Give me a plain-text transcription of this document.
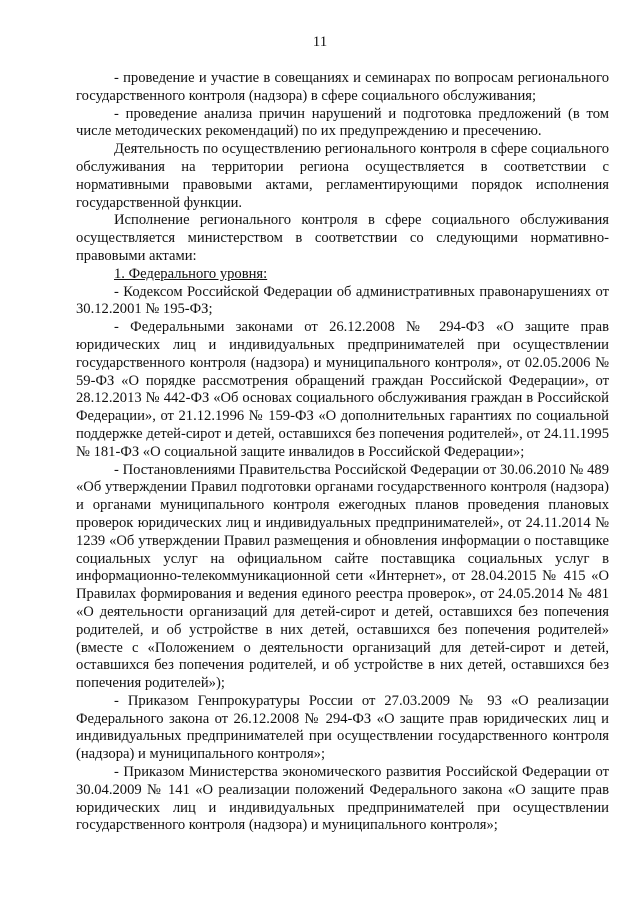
11

- проведение и участие в совещаниях и семинарах по вопросам регионального государственного контроля (надзора) в сфере социального обслуживания;

- проведение анализа причин нарушений и подготовка предложений (в том числе методических рекомендаций) по их предупреждению и пресечению.

Деятельность по осуществлению регионального контроля в сфере социального обслуживания на территории региона осуществляется в соответствии с нормативными правовыми актами, регламентирующими порядок исполнения государственной функции.

Исполнение регионального контроля в сфере социального обслуживания осуществляется министерством в соответствии со следующими нормативно-правовыми актами:

1. Федерального уровня:

- Кодексом Российской Федерации об административных правонарушениях от 30.12.2001 № 195-ФЗ;

- Федеральными законами от 26.12.2008 № 294-ФЗ «О защите прав юридических лиц и индивидуальных предпринимателей при осуществлении государственного контроля (надзора) и муниципального контроля», от 02.05.2006 № 59-ФЗ «О порядке рассмотрения обращений граждан Российской Федерации», от 28.12.2013 № 442-ФЗ «Об основах социального обслуживания граждан в Российской Федерации», от 21.12.1996 № 159-ФЗ «О дополнительных гарантиях по социальной поддержке детей-сирот и детей, оставшихся без попечения родителей», от 24.11.1995 № 181-ФЗ «О социальной защите инвалидов в Российской Федерации»;

- Постановлениями Правительства Российской Федерации от 30.06.2010 № 489 «Об утверждении Правил подготовки органами государственного контроля (надзора) и органами муниципального контроля ежегодных планов проведения плановых проверок юридических лиц и индивидуальных предпринимателей», от 24.11.2014 № 1239 «Об утверждении Правил размещения и обновления информации о поставщике социальных услуг на официальном сайте поставщика социальных услуг в информационно-телекоммуникационной сети «Интернет», от 28.04.2015 № 415 «О Правилах формирования и ведения единого реестра проверок», от 24.05.2014 № 481 «О деятельности организаций для детей-сирот и детей, оставшихся без попечения родителей, и об устройстве в них детей, оставшихся без попечения родителей» (вместе с «Положением о деятельности организаций для детей-сирот и детей, оставшихся без попечения родителей, и об устройстве в них детей, оставшихся без попечения родителей»);

- Приказом Генпрокуратуры России от 27.03.2009 № 93 «О реализации Федерального закона от 26.12.2008 № 294-ФЗ «О защите прав юридических лиц и индивидуальных предпринимателей при осуществлении государственного контроля (надзора) и муниципального контроля»;

- Приказом Министерства экономического развития Российской Федерации от 30.04.2009 № 141 «О реализации положений Федерального закона «О защите прав юридических лиц и индивидуальных предпринимателей при осуществлении государственного контроля (надзора) и муниципального контроля»;
